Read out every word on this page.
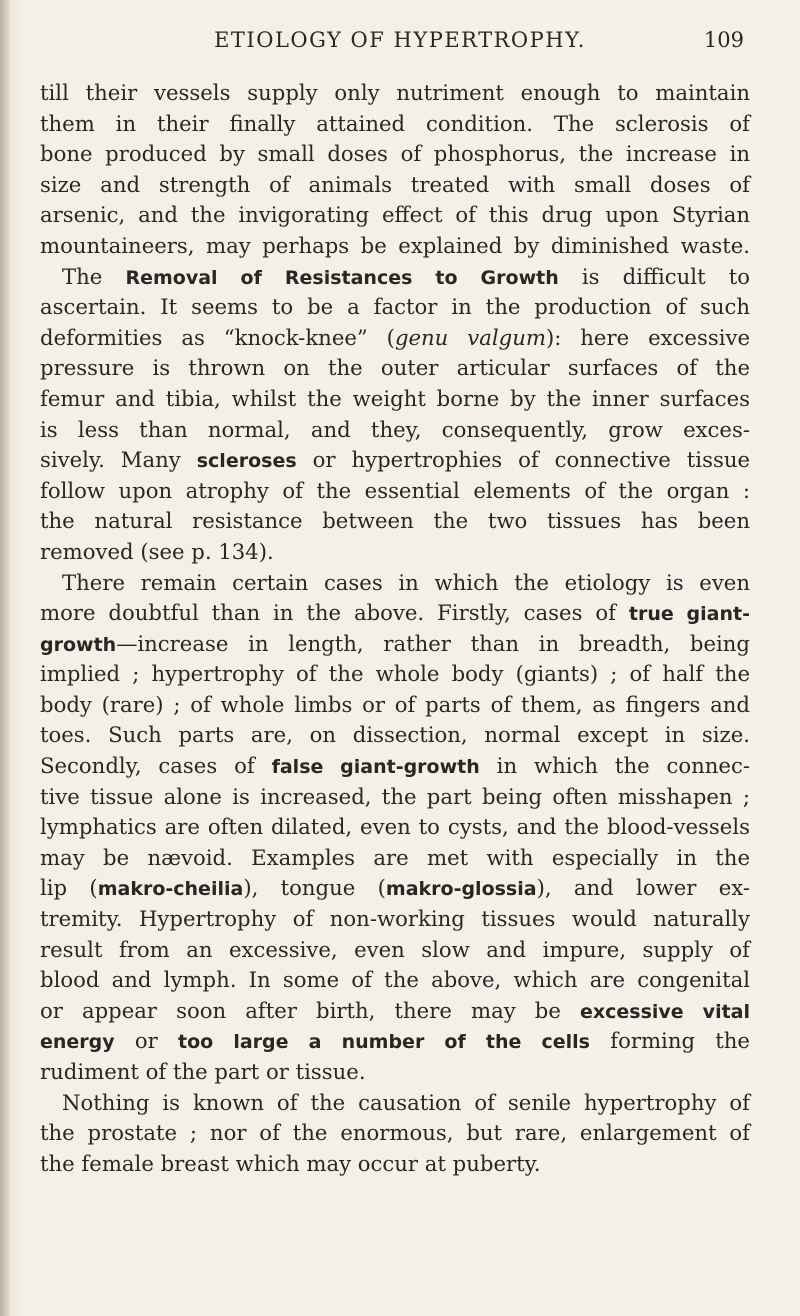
ETIOLOGY OF HYPERTROPHY.	109
till their vessels supply only nutriment enough to maintain
them in their finally attained condition. The sclerosis of
bone produced by small doses of phosphorus, the increase in
size and strength of animals treated with small doses of
arsenic, and the invigorating effect of this drug upon Styrian
mountaineers, may perhaps be explained by diminished waste.
The Removal of Resistances to Growth is difficult to
ascertain. It seems to be a factor in the production of such
deformities as “knock-knee” (genu valgum): here excessive
pressure is thrown on the outer articular surfaces of the
femur and tibia, whilst the weight borne by the inner surfaces
is less than normal, and they, consequently, grow exces-
sively. Many scleroses or hypertrophies of connective tissue
follow upon atrophy of the essential elements of the organ :
the natural resistance between the two tissues has been
removed (see p. 134).
There remain certain cases in which the etiology is even
more doubtful than in the above. Firstly, cases of true giant-
growth—increase in length, rather than in breadth, being
implied ; hypertrophy of the whole body (giants) ; of half the
body (rare) ; of whole limbs or of parts of them, as fingers and
toes. Such parts are, on dissection, normal except in size.
Secondly, cases of false giant-growth in which the connec-
tive tissue alone is increased, the part being often misshapen ;
lymphatics are often dilated, even to cysts, and the blood-vessels
may be nævoid. Examples are met with especially in the
lip (makro-cheilia), tongue (makro-glossia), and lower ex-
tremity. Hypertrophy of non-working tissues would naturally
result from an excessive, even slow and impure, supply of
blood and lymph. In some of the above, which are congenital
or appear soon after birth, there may be excessive vital
energy or too large a number of the cells forming the
rudiment of the part or tissue.
Nothing is known of the causation of senile hypertrophy of
the prostate ; nor of the enormous, but rare, enlargement of
the female breast which may occur at puberty.
